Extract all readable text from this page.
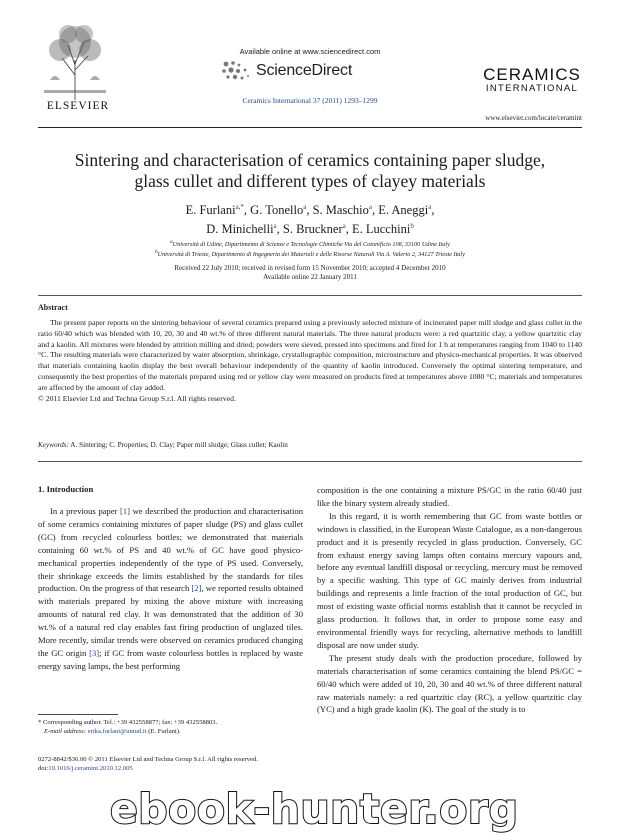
ELSEVIER
Available online at www.sciencedirect.com
ScienceDirect
Ceramics International 37 (2011) 1293–1299
CERAMICS
INTERNATIONAL
www.elsevier.com/locate/ceramint
Sintering and characterisation of ceramics containing paper sludge,
glass cullet and different types of clayey materials
E. Furlani$^{a,*}$, G. Tonello$^a$, S. Maschio$^a$, E. Aneggi$^a$,
D. Minichelli$^a$, S. Bruckner$^a$, E. Lucchini$^b$
$^a$Università di Udine, Dipartimento di Scienze e Tecnologie Chimiche Via del Cotonificio 108, 33100 Udine Italy
$^b$Università di Trieste, Dipartimento di Ingegneria dei Materiali e delle Risorse Naturali Via A. Valerio 2, 34127 Trieste Italy
Received 22 July 2010; received in revised form 15 November 2010; accepted 4 December 2010
Available online 22 January 2011
Abstract

The present paper reports on the sintering behaviour of several ceramics prepared using a previously selected mixture of incinerated paper mill sludge and glass cullet in the ratio 60/40 which was blended with 10, 20, 30 and 40 wt.% of three different natural materials. The three natural products were: a red quartzitic clay, a yellow quartzitic clay and a kaolin. All mixtures were blended by attrition milling and dried; powders were sieved, pressed into specimens and fired for 1 h at temperatures ranging from 1040 to 1140 °C. The resulting materials were characterized by water absorption, shrinkage, crystallographic composition, microstructure and physico-mechanical properties. It was observed that materials containing kaolin display the best overall behaviour independently of the quantity of kaolin introduced. Conversely the optimal sintering temperature, and consequently the best properties of the materials prepared using red or yellow clay were measured on products fired at temperatures above 1080 °C; materials and temperatures are affected by the amount of clay added.

© 2011 Elsevier Ltd and Techna Group S.r.l. All rights reserved.

Keywords: A. Sintering; C. Properties; D. Clay; Paper mill sludge; Glass cullet; Kaolin
1. Introduction

In a previous paper [1] we described the production and characterisation of some ceramics containing mixtures of paper sludge (PS) and glass cullet (GC) from recycled colourless bottles; we demonstrated that materials containing 60 wt.% of PS and 40 wt.% of GC have good physico-mechanical properties independently of the type of PS used. Conversely, their shrinkage exceeds the limits established by the standards for tiles production. On the progress of that research [2], we reported results obtained with materials prepared by mixing the above mixture with increasing amounts of natural red clay. It was demonstrated that the addition of 30 wt.% of a natural red clay enables fast firing production of unglazed tiles. More recently, similar trends were observed on ceramics produced changing the GC origin [3]; if GC from waste colourless bottles is replaced by waste energy saving lamps, the best performing

composition is the one containing a mixture PS/GC in the ratio 60/40 just like the binary system already studied.

In this regard, it is worth remembering that GC from waste bottles or windows is classified, in the European Waste Catalogue, as a non-dangerous product and it is presently recycled in glass production. Conversely, GC from exhaust energy saving lamps often contains mercury vapours and, before any eventual landfill disposal or recycling, mercury must be removed by a specific washing. This type of GC mainly derives from industrial buildings and represents a little fraction of the total production of GC, but most of existing waste official norms establish that it cannot be recycled in glass production. It follows that, in order to propose some easy and environmental friendly ways for recycling, alternative methods to landfill disposal are now under study.

The present study deals with the production procedure, followed by materials characterisation of some ceramics containing the blend PS/GC = 60/40 which were added of 10, 20, 30 and 40 wt.% of three different natural raw materials namely: a red quartzitic clay (RC), a yellow quartzitic clay (YC) and a high grade kaolin (K). The goal of the study is to

* Corresponding author. Tel.: +39 432558877; fax: +39 432558803.
E-mail address: erika.furlani@uniud.it (E. Furlani).
0272-8842/$36.00 © 2011 Elsevier Ltd and Techna Group S.r.l. All rights reserved.
doi:10.1016/j.ceramint.2010.12.005
ebook-hunter.org
